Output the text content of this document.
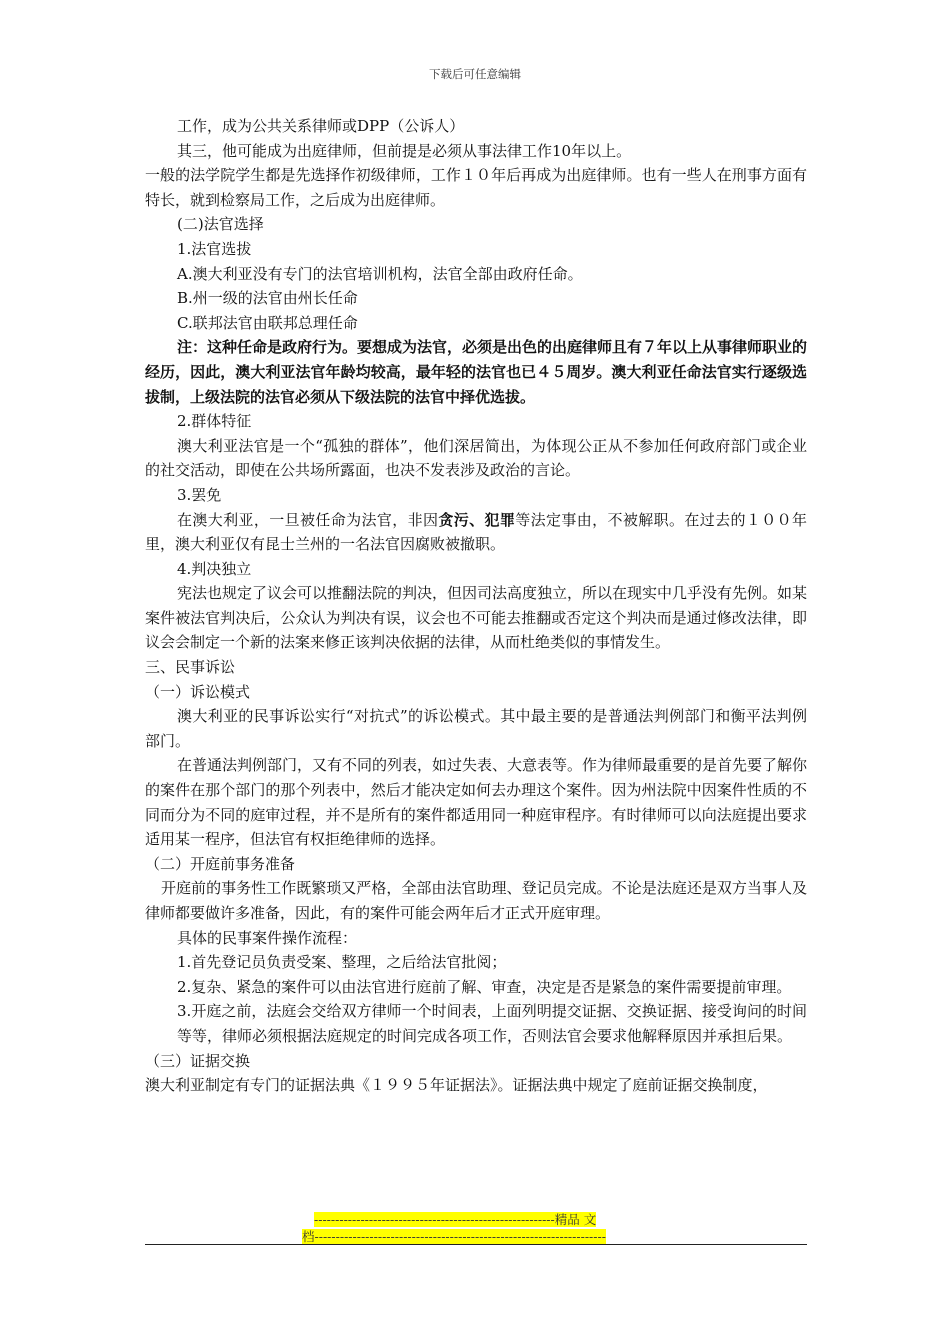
下载后可任意编辑

工作，成为公共关系律师或DPP（公诉人）

其三，他可能成为出庭律师，但前提是必须从事法律工作10年以上。

一般的法学院学生都是先选择作初级律师，工作１０年后再成为出庭律师。也有一些人在刑事方面有特长，就到检察局工作，之后成为出庭律师。

(二)法官选择

1.法官选拔

A.澳大利亚没有专门的法官培训机构，法官全部由政府任命。

B.州一级的法官由州长任命

C.联邦法官由联邦总理任命

注：这种任命是政府行为。要想成为法官，必须是出色的出庭律师且有７年以上从事律师职业的经历，因此，澳大利亚法官年龄均较高，最年轻的法官也已４５周岁。澳大利亚任命法官实行逐级选拔制，上级法院的法官必须从下级法院的法官中择优选拔。

2.群体特征

澳大利亚法官是一个“孤独的群体”，他们深居简出，为体现公正从不参加任何政府部门或企业的社交活动，即使在公共场所露面，也决不发表涉及政治的言论。

3.罢免

在澳大利亚，一旦被任命为法官，非因贪污、犯罪等法定事由，不被解职。在过去的１００年里，澳大利亚仅有昆士兰州的一名法官因腐败被撤职。

4.判决独立

宪法也规定了议会可以推翻法院的判决，但因司法高度独立，所以在现实中几乎没有先例。如某案件被法官判决后，公众认为判决有误，议会也不可能去推翻或否定这个判决而是通过修改法律，即议会会制定一个新的法案来修正该判决依据的法律，从而杜绝类似的事情发生。

三、民事诉讼

（一）诉讼模式

澳大利亚的民事诉讼实行“对抗式”的诉讼模式。其中最主要的是普通法判例部门和衡平法判例部门。

在普通法判例部门，又有不同的列表，如过失表、大意表等。作为律师最重要的是首先要了解你的案件在那个部门的那个列表中，然后才能决定如何去办理这个案件。因为州法院中因案件性质的不同而分为不同的庭审过程，并不是所有的案件都适用同一种庭审程序。有时律师可以向法庭提出要求适用某一程序，但法官有权拒绝律师的选择。

（二）开庭前事务准备

开庭前的事务性工作既繁琐又严格，全部由法官助理、登记员完成。不论是法庭还是双方当事人及律师都要做许多准备，因此，有的案件可能会两年后才正式开庭审理。

具体的民事案件操作流程：

1.首先登记员负责受案、整理，之后给法官批阅；

2.复杂、紧急的案件可以由法官进行庭前了解、审查，决定是否是紧急的案件需要提前审理。

3.开庭之前，法庭会交给双方律师一个时间表，上面列明提交证据、交换证据、接受询问的时间等等，律师必须根据法庭规定的时间完成各项工作，否则法官会要求他解释原因并承担后果。

（三）证据交换

澳大利亚制定有专门的证据法典《１９９５年证据法》。证据法典中规定了庭前证据交换制度，

---------------------------------------------------------精品 文
档---------------------------------------------------------------------
